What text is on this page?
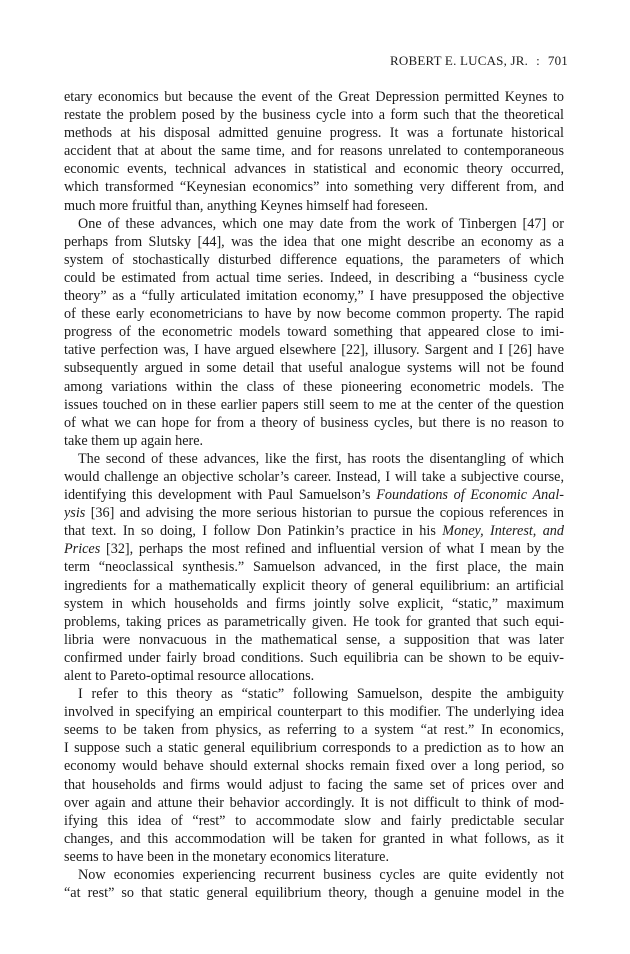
ROBERT E. LUCAS, JR. : 701
etary economics but because the event of the Great Depression permitted Keynes to
restate the problem posed by the business cycle into a form such that the theoretical
methods at his disposal admitted genuine progress. It was a fortunate historical
accident that at about the same time, and for reasons unrelated to contemporaneous
economic events, technical advances in statistical and economic theory occurred,
which transformed “Keynesian economics” into something very different from, and
much more fruitful than, anything Keynes himself had foreseen.
One of these advances, which one may date from the work of Tinbergen [47] or
perhaps from Slutsky [44], was the idea that one might describe an economy as a
system of stochastically disturbed difference equations, the parameters of which
could be estimated from actual time series. Indeed, in describing a “business cycle
theory” as a “fully articulated imitation economy,” I have presupposed the objective
of these early econometricians to have by now become common property. The rapid
progress of the econometric models toward something that appeared close to imi-
tative perfection was, I have argued elsewhere [22], illusory. Sargent and I [26] have
subsequently argued in some detail that useful analogue systems will not be found
among variations within the class of these pioneering econometric models. The
issues touched on in these earlier papers still seem to me at the center of the question
of what we can hope for from a theory of business cycles, but there is no reason to
take them up again here.
The second of these advances, like the first, has roots the disentangling of which
would challenge an objective scholar’s career. Instead, I will take a subjective course,
identifying this development with Paul Samuelson’s Foundations of Economic Anal-
ysis [36] and advising the more serious historian to pursue the copious references in
that text. In so doing, I follow Don Patinkin’s practice in his Money, Interest, and
Prices [32], perhaps the most refined and influential version of what I mean by the
term “neoclassical synthesis.” Samuelson advanced, in the first place, the main
ingredients for a mathematically explicit theory of general equilibrium: an artificial
system in which households and firms jointly solve explicit, “static,” maximum
problems, taking prices as parametrically given. He took for granted that such equi-
libria were nonvacuous in the mathematical sense, a supposition that was later
confirmed under fairly broad conditions. Such equilibria can be shown to be equiv-
alent to Pareto-optimal resource allocations.
I refer to this theory as “static” following Samuelson, despite the ambiguity
involved in specifying an empirical counterpart to this modifier. The underlying idea
seems to be taken from physics, as referring to a system “at rest.” In economics,
I suppose such a static general equilibrium corresponds to a prediction as to how an
economy would behave should external shocks remain fixed over a long period, so
that households and firms would adjust to facing the same set of prices over and
over again and attune their behavior accordingly. It is not difficult to think of mod-
ifying this idea of “rest” to accommodate slow and fairly predictable secular
changes, and this accommodation will be taken for granted in what follows, as it
seems to have been in the monetary economics literature.
Now economies experiencing recurrent business cycles are quite evidently not
“at rest” so that static general equilibrium theory, though a genuine model in the
